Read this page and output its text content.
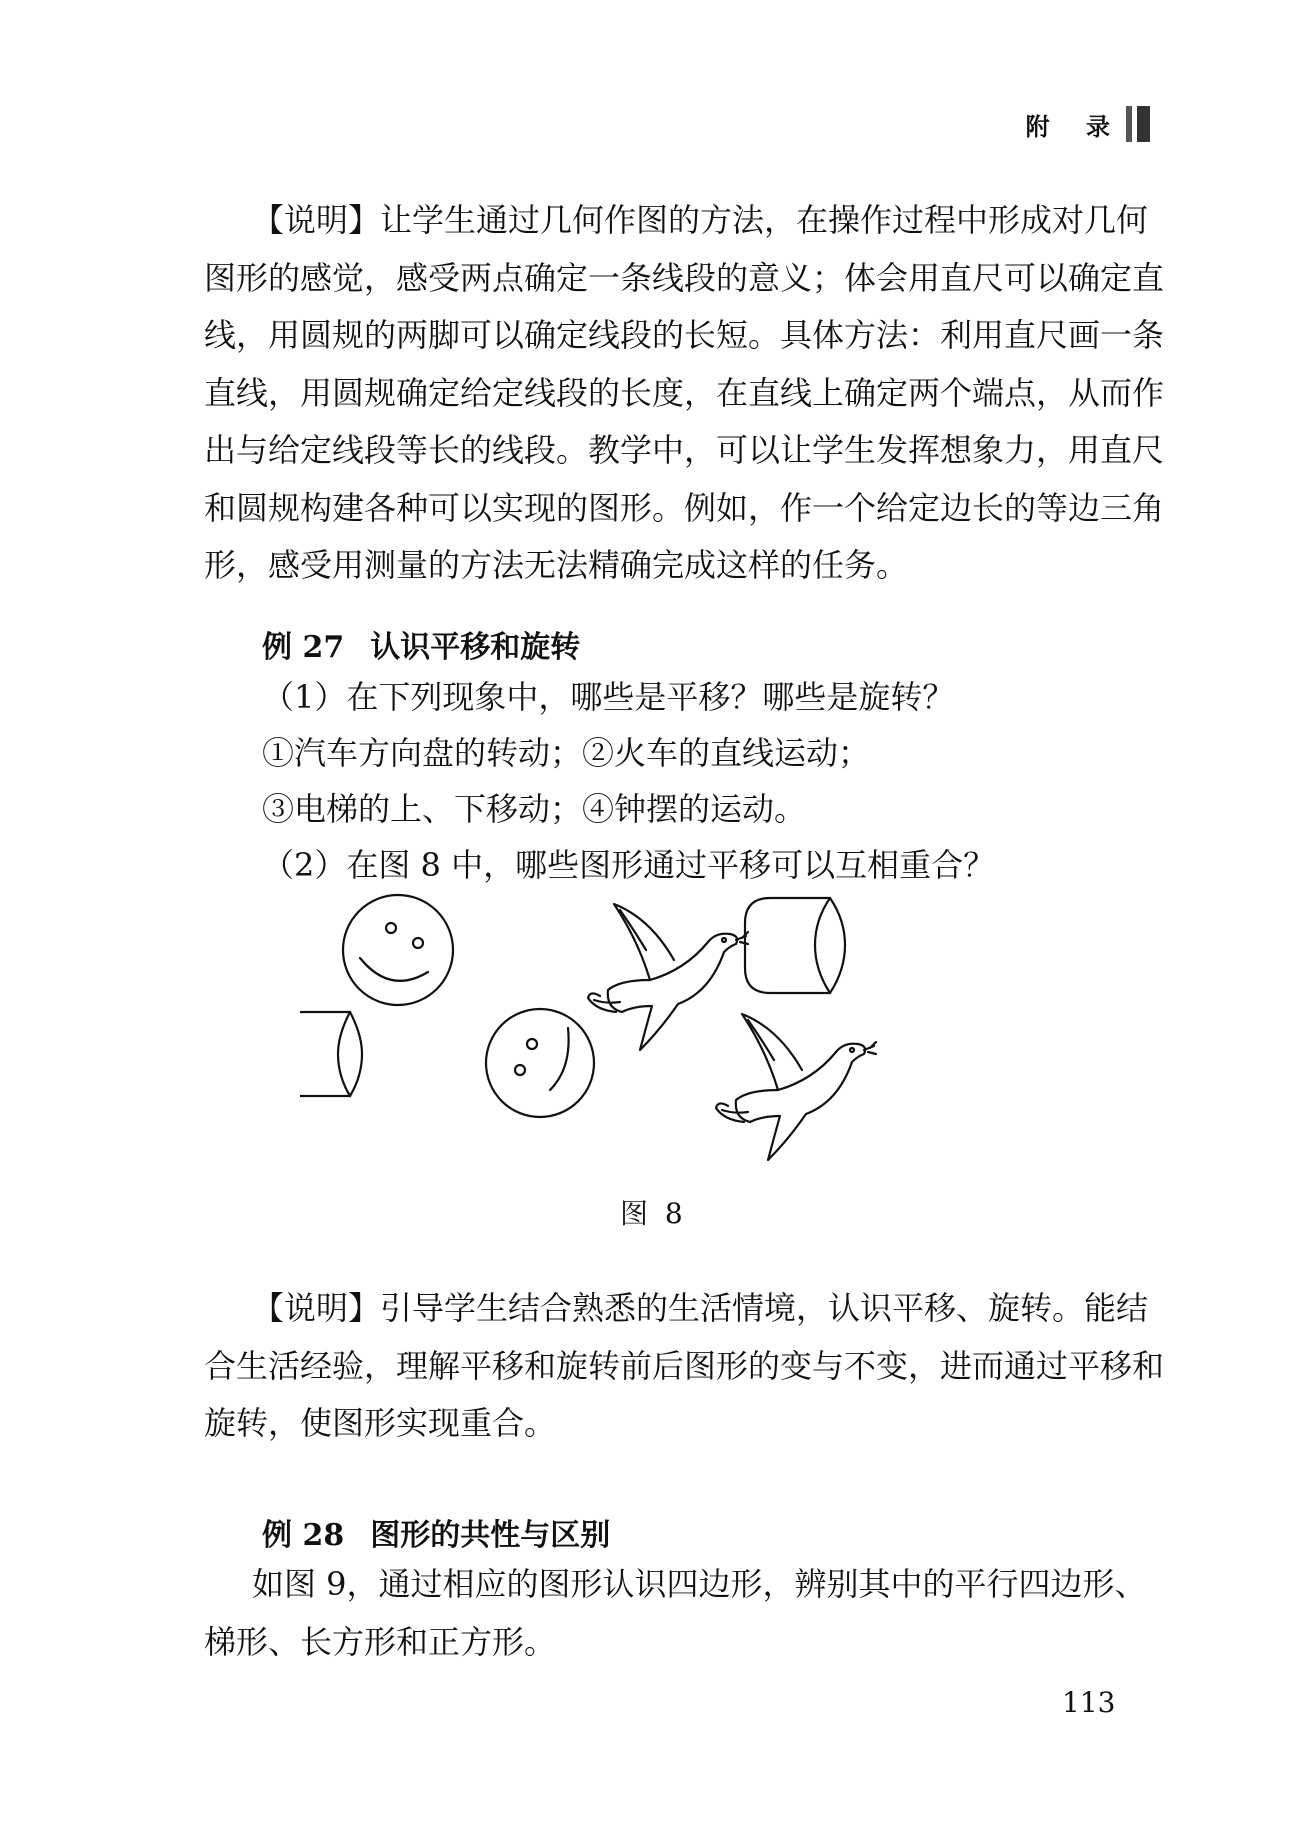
附 录
【说明】让学生通过几何作图的方法，在操作过程中形成对几何
图形的感觉，感受两点确定一条线段的意义；体会用直尺可以确定直
线，用圆规的两脚可以确定线段的长短。具体方法：利用直尺画一条
直线，用圆规确定给定线段的长度，在直线上确定两个端点，从而作
出与给定线段等长的线段。教学中，可以让学生发挥想象力，用直尺
和圆规构建各种可以实现的图形。例如，作一个给定边长的等边三角
形，感受用测量的方法无法精确完成这样的任务。
例 27 认识平移和旋转
（1）在下列现象中，哪些是平移？哪些是旋转？
①汽车方向盘的转动；②火车的直线运动；
③电梯的上、下移动；④钟摆的运动。
（2）在图 8 中，哪些图形通过平移可以互相重合？
图 8
【说明】引导学生结合熟悉的生活情境，认识平移、旋转。能结
合生活经验，理解平移和旋转前后图形的变与不变，进而通过平移和
旋转，使图形实现重合。
例 28 图形的共性与区别
如图 9，通过相应的图形认识四边形，辨别其中的平行四边形、
梯形、长方形和正方形。
113
